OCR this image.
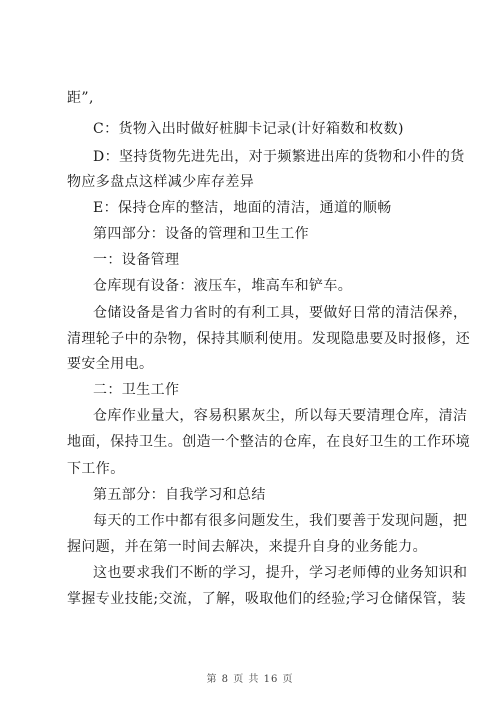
距”,
C：货物入出时做好桩脚卡记录(计好箱数和枚数)
D：坚持货物先进先出，对于频繁进出库的货物和小件的货
物应多盘点这样减少库存差异
E：保持仓库的整洁，地面的清洁，通道的顺畅
第四部分：设备的管理和卫生工作
一：设备管理
仓库现有设备：液压车，堆高车和铲车。
仓储设备是省力省时的有利工具，要做好日常的清洁保养，
清理轮子中的杂物，保持其顺利使用。发现隐患要及时报修，还
要安全用电。
二：卫生工作
仓库作业量大，容易积累灰尘，所以每天要清理仓库，清洁
地面，保持卫生。创造一个整洁的仓库，在良好卫生的工作环境
下工作。
第五部分：自我学习和总结
每天的工作中都有很多问题发生，我们要善于发现问题，把
握问题，并在第一时间去解决，来提升自身的业务能力。
这也要求我们不断的学习，提升，学习老师傅的业务知识和
掌握专业技能;交流，了解，吸取他们的经验;学习仓储保管，装
第 8 页 共 16 页
